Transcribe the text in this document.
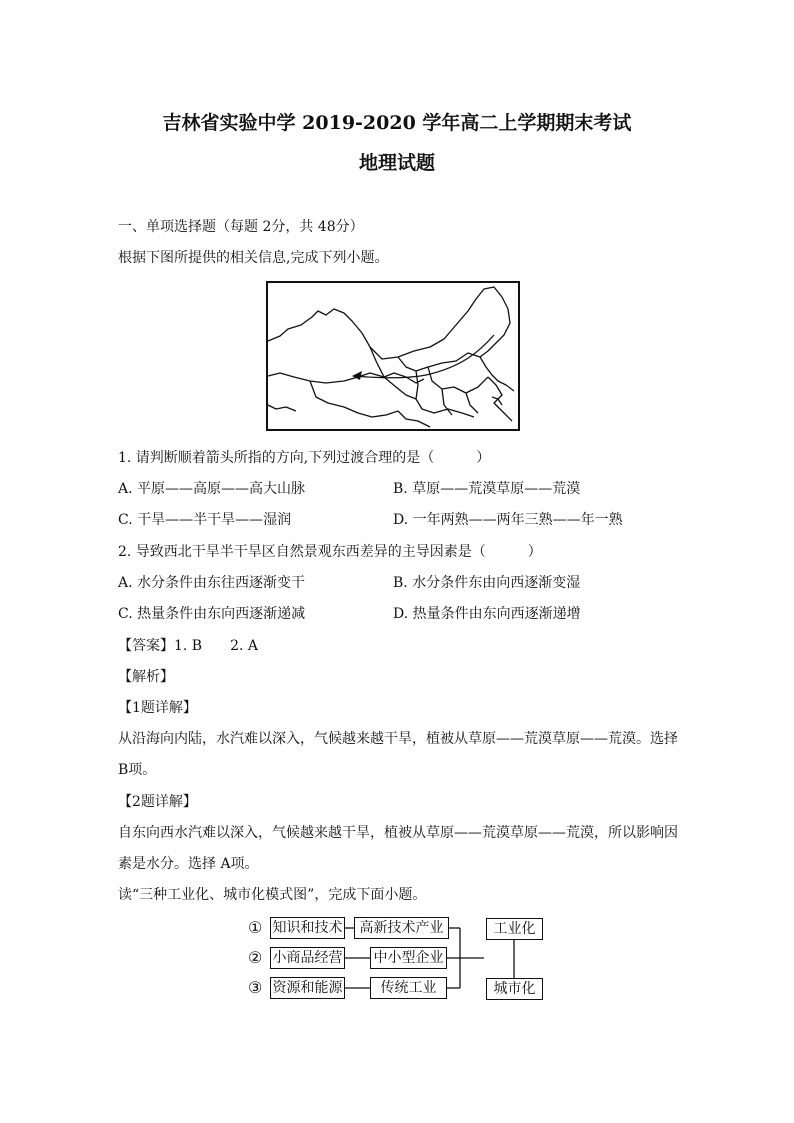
吉林省实验中学 2019-2020 学年高二上学期期末考试
地理试题
一、单项选择题（每题 2分，共 48分）
根据下图所提供的相关信息,完成下列小题。
1. 请判断顺着箭头所指的方向,下列过渡合理的是（　　　）
A. 平原——高原——高大山脉	B. 草原——荒漠草原——荒漠
C. 干旱——半干旱——湿润	D. 一年两熟——两年三熟——年一熟
2. 导致西北干旱半干旱区自然景观东西差异的主导因素是（　　　）
A. 水分条件由东往西逐渐变干	B. 水分条件东由向西逐渐变湿
C. 热量条件由东向西逐渐递减	D. 热量条件由东向西逐渐递增
【答案】1. B　　2. A
【解析】
【1题详解】
从沿海向内陆，水汽难以深入，气候越来越干旱，植被从草原——荒漠草原——荒漠。选择
B项。
【2题详解】
自东向西水汽难以深入，气候越来越干旱，植被从草原——荒漠草原——荒漠，所以影响因
素是水分。选择 A项。
读“三种工业化、城市化模式图”，完成下面小题。
① 知识和技术	高新技术产业
② 小商品经营 中小型企业
③ 资源和能源	传统工业
工业化
城市化
